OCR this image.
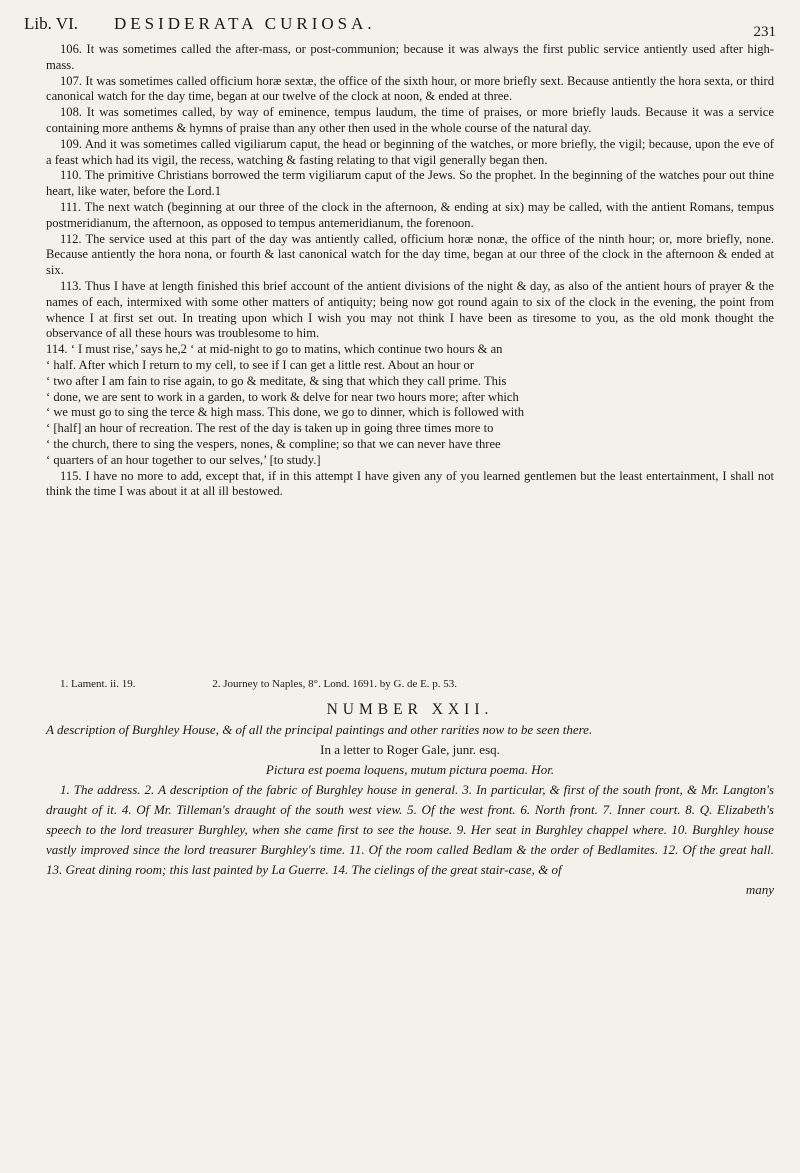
Lib. VI. DESIDERATA CURIOSA.	231

106. It was sometimes called the after-mass, or post-communion; because it was always the first public service antiently used after high-mass.

107. It was sometimes called officium horæ sextæ, the office of the sixth hour, or more briefly sext. Because antiently the hora sexta, or third canonical watch for the day time, began at our twelve of the clock at noon, & ended at three.

108. It was sometimes called, by way of eminence, tempus laudum, the time of praises, or more briefly lauds. Because it was a service containing more anthems & hymns of praise than any other then used in the whole course of the natural day.

109. And it was sometimes called vigiliarum caput, the head or beginning of the watches, or more briefly, the vigil; because, upon the eve of a feast which had its vigil, the recess, watching & fasting relating to that vigil generally began then.

110. The primitive Christians borrowed the term vigiliarum caput of the Jews. So the prophet. In the beginning of the watches pour out thine heart, like water, before the Lord.1

111. The next watch (beginning at our three of the clock in the afternoon, & ending at six) may be called, with the antient Romans, tempus postmeridianum, the afternoon, as opposed to tempus antemeridianum, the forenoon.

112. The service used at this part of the day was antiently called, officium horæ nonæ, the office of the ninth hour; or, more briefly, none. Because antiently the hora nona, or fourth & last canonical watch for the day time, began at our three of the clock in the afternoon & ended at six.

113. Thus I have at length finished this brief account of the antient divisions of the night & day, as also of the antient hours of prayer & the names of each, intermixed with some other matters of antiquity; being now got round again to six of the clock in the evening, the point from whence I at first set out. In treating upon which I wish you may not think I have been as tiresome to you, as the old monk thought the observance of all these hours was troublesome to him.

114. ‘ I must rise,’ says he,2 ‘ at mid-night to go to matins, which continue two hours & an

‘ half. After which I return to my cell, to see if I can get a little rest. About an hour or

‘ two after I am fain to rise again, to go & meditate, & sing that which they call prime. This

‘ done, we are sent to work in a garden, to work & delve for near two hours more; after which

‘ we must go to sing the terce & high mass. This done, we go to dinner, which is followed with

‘ [half] an hour of recreation. The rest of the day is taken up in going three times more to

‘ the church, there to sing the vespers, nones, & compline; so that we can never have three

‘ quarters of an hour together to our selves,’ [to study.]

115. I have no more to add, except that, if in this attempt I have given any of you learned gentlemen but the least entertainment, I shall not think the time I was about it at all ill bestowed.

1. Lament. ii. 19.	2. Journey to Naples, 8°. Lond. 1691. by G. de E. p. 53.

NUMBER XXII.

A description of Burghley House, & of all the principal paintings and other rarities now to be seen there.

In a letter to Roger Gale, junr. esq.

Pictura est poema loquens, mutum pictura poema. Hor.

1. The address. 2. A description of the fabric of Burghley house in general. 3. In particular, & first of the south front, & Mr. Langton's draught of it. 4. Of Mr. Tilleman's draught of the south west view. 5. Of the west front. 6. North front. 7. Inner court. 8. Q. Elizabeth's speech to the lord treasurer Burghley, when she came first to see the house. 9. Her seat in Burghley chappel where. 10. Burghley house vastly improved since the lord treasurer Burghley's time. 11. Of the room called Bedlam & the order of Bedlamites. 12. Of the great hall. 13. Great dining room; this last painted by La Guerre. 14. The cielings of the great stair-case, & of

many
